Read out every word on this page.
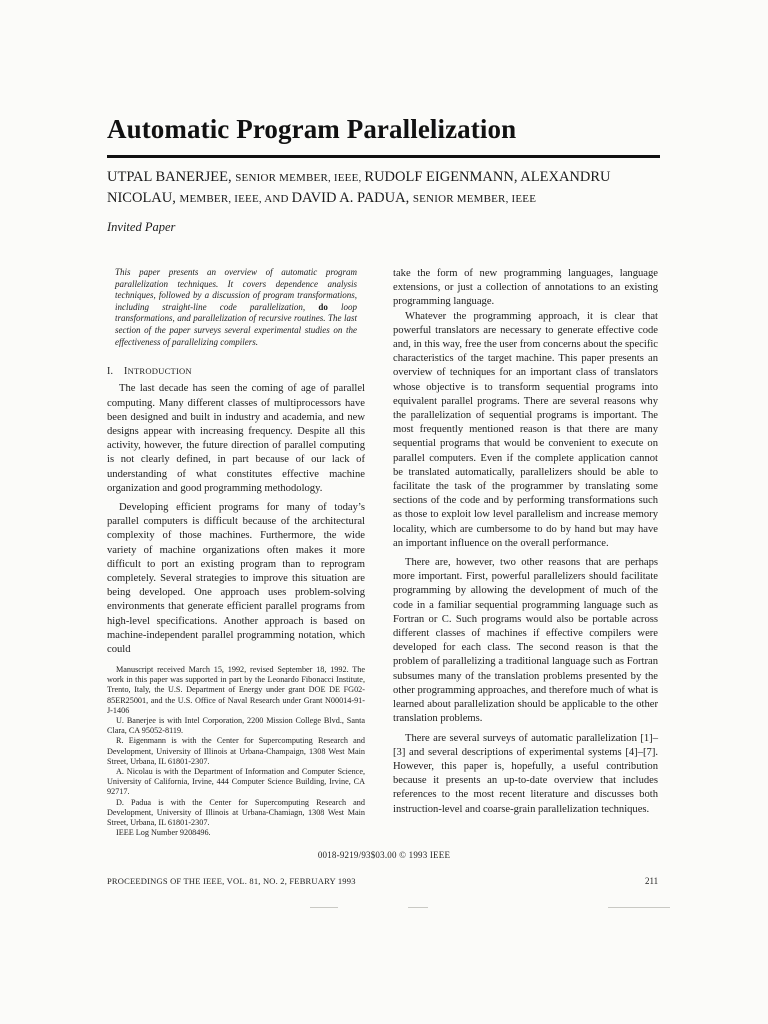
Automatic Program Parallelization
UTPAL BANERJEE, SENIOR MEMBER, IEEE, RUDOLF EIGENMANN, ALEXANDRU
NICOLAU, MEMBER, IEEE, AND DAVID A. PADUA, SENIOR MEMBER, IEEE
Invited Paper

This paper presents an overview of automatic program parallelization techniques. It covers dependence analysis techniques, followed by a discussion of program transformations, including straight-line code parallelization, do loop transformations, and parallelization of recursive routines. The last section of the paper surveys several experimental studies on the effectiveness of parallelizing compilers.

I. INTRODUCTION

The last decade has seen the coming of age of parallel computing. Many different classes of multiprocessors have been designed and built in industry and academia, and new designs appear with increasing frequency. Despite all this activity, however, the future direction of parallel computing is not clearly defined, in part because of our lack of understanding of what constitutes effective machine organization and good programming methodology.

Developing efficient programs for many of today’s parallel computers is difficult because of the architectural complexity of those machines. Furthermore, the wide variety of machine organizations often makes it more difficult to port an existing program than to reprogram completely. Several strategies to improve this situation are being developed. One approach uses problem-solving environments that generate efficient parallel programs from high-level specifications. Another approach is based on machine-independent parallel programming notation, which could

Manuscript received March 15, 1992, revised September 18, 1992. The work in this paper was supported in part by the Leonardo Fibonacci Institute, Trento, Italy, the U.S. Department of Energy under grant DOE DE FG02-85ER25001, and the U.S. Office of Naval Research under Grant N00014-91-J-1406

U. Banerjee is with Intel Corporation, 2200 Mission College Blvd., Santa Clara, CA 95052-8119.

R. Eigenmann is with the Center for Supercomputing Research and Development, University of Illinois at Urbana-Champaign, 1308 West Main Street, Urbana, IL 61801-2307.

A. Nicolau is with the Department of Information and Computer Science, University of California, Irvine, 444 Computer Science Building, Irvine, CA 92717.

D. Padua is with the Center for Supercomputing Research and Development, University of Illinois at Urbana-Chamiagn, 1308 West Main Street, Urbana, IL 61801-2307.

IEEE Log Number 9208496.

take the form of new programming languages, language extensions, or just a collection of annotations to an existing programming language.

Whatever the programming approach, it is clear that powerful translators are necessary to generate effective code and, in this way, free the user from concerns about the specific characteristics of the target machine. This paper presents an overview of techniques for an important class of translators whose objective is to transform sequential programs into equivalent parallel programs. There are several reasons why the parallelization of sequential programs is important. The most frequently mentioned reason is that there are many sequential programs that would be convenient to execute on parallel computers. Even if the complete application cannot be translated automatically, parallelizers should be able to facilitate the task of the programmer by translating some sections of the code and by performing transformations such as those to exploit low level parallelism and increase memory locality, which are cumbersome to do by hand but may have an important influence on the overall performance.

There are, however, two other reasons that are perhaps more important. First, powerful parallelizers should facilitate programming by allowing the development of much of the code in a familiar sequential programming language such as Fortran or C. Such programs would also be portable across different classes of machines if effective compilers were developed for each class. The second reason is that the problem of parallelizing a traditional language such as Fortran subsumes many of the translation problems presented by the other programming approaches, and therefore much of what is learned about parallelization should be applicable to the other translation problems.

There are several surveys of automatic parallelization [1]–[3] and several descriptions of experimental systems [4]–[7]. However, this paper is, hopefully, a useful contribution because it presents an up-to-date overview that includes references to the most recent literature and discusses both instruction-level and coarse-grain parallelization techniques.

0018-9219/93$03.00 © 1993 IEEE
PROCEEDINGS OF THE IEEE, VOL. 81, NO. 2, FEBRUARY 1993	211
